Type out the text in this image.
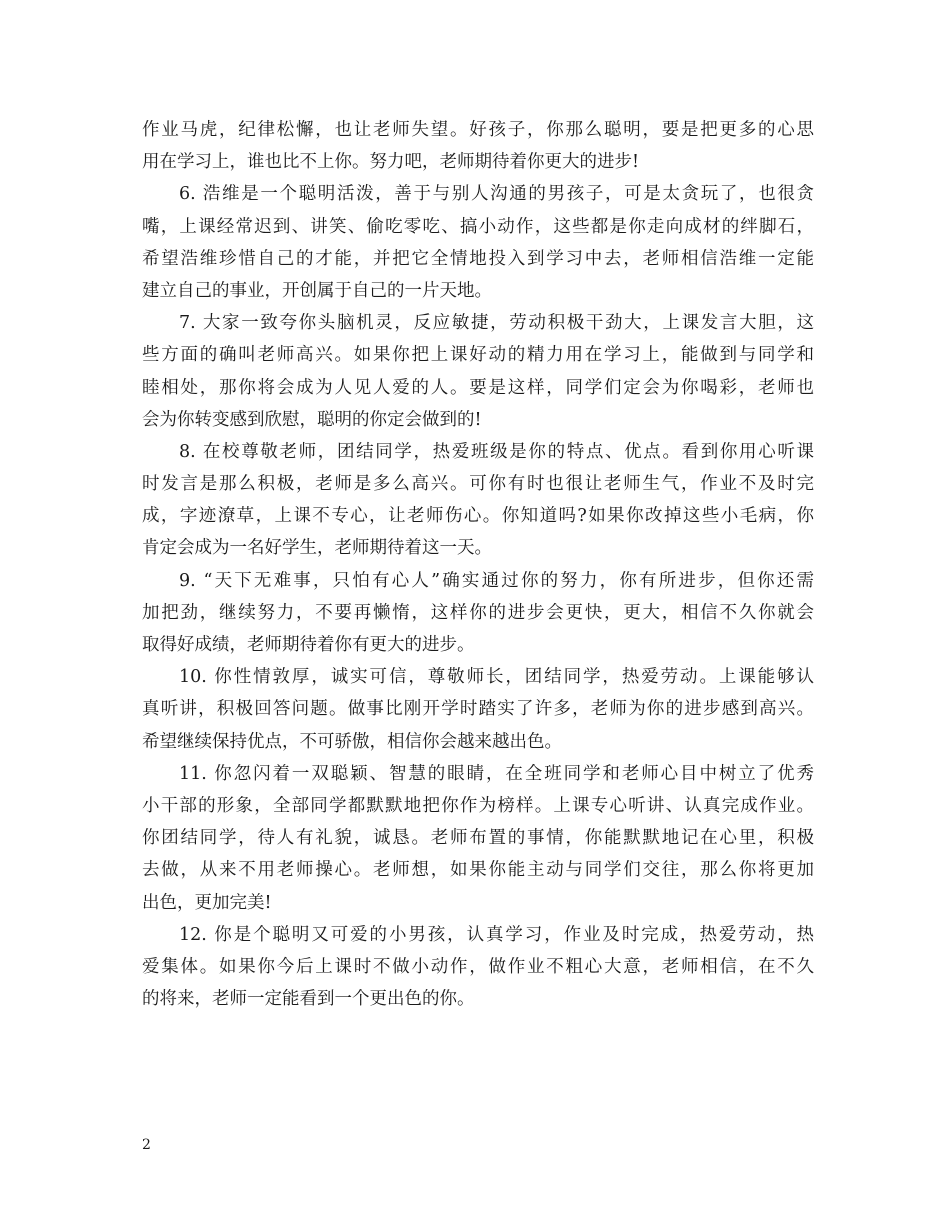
作业马虎，纪律松懈，也让老师失望。好孩子，你那么聪明，要是把更多的心思
用在学习上，谁也比不上你。努力吧，老师期待着你更大的进步!
6. 浩维是一个聪明活泼，善于与别人沟通的男孩子，可是太贪玩了，也很贪
嘴，上课经常迟到、讲笑、偷吃零吃、搞小动作，这些都是你走向成材的绊脚石，
希望浩维珍惜自己的才能，并把它全情地投入到学习中去，老师相信浩维一定能
建立自己的事业，开创属于自己的一片天地。
7. 大家一致夸你头脑机灵，反应敏捷，劳动积极干劲大，上课发言大胆，这
些方面的确叫老师高兴。如果你把上课好动的精力用在学习上，能做到与同学和
睦相处，那你将会成为人见人爱的人。要是这样，同学们定会为你喝彩，老师也
会为你转变感到欣慰，聪明的你定会做到的!
8. 在校尊敬老师，团结同学，热爱班级是你的特点、优点。看到你用心听课
时发言是那么积极，老师是多么高兴。可你有时也很让老师生气，作业不及时完
成，字迹潦草，上课不专心，让老师伤心。你知道吗?如果你改掉这些小毛病，你
肯定会成为一名好学生，老师期待着这一天。
9. “天下无难事，只怕有心人”确实通过你的努力，你有所进步，但你还需
加把劲，继续努力，不要再懒惰，这样你的进步会更快，更大，相信不久你就会
取得好成绩，老师期待着你有更大的进步。
10. 你性情敦厚，诚实可信，尊敬师长，团结同学，热爱劳动。上课能够认
真听讲，积极回答问题。做事比刚开学时踏实了许多，老师为你的进步感到高兴。
希望继续保持优点，不可骄傲，相信你会越来越出色。
11. 你忽闪着一双聪颖、智慧的眼睛，在全班同学和老师心目中树立了优秀
小干部的形象，全部同学都默默地把你作为榜样。上课专心听讲、认真完成作业。
你团结同学，待人有礼貌，诚恳。老师布置的事情，你能默默地记在心里，积极
去做，从来不用老师操心。老师想，如果你能主动与同学们交往，那么你将更加
出色，更加完美!
12. 你是个聪明又可爱的小男孩，认真学习，作业及时完成，热爱劳动，热
爱集体。如果你今后上课时不做小动作，做作业不粗心大意，老师相信，在不久
的将来，老师一定能看到一个更出色的你。
2
